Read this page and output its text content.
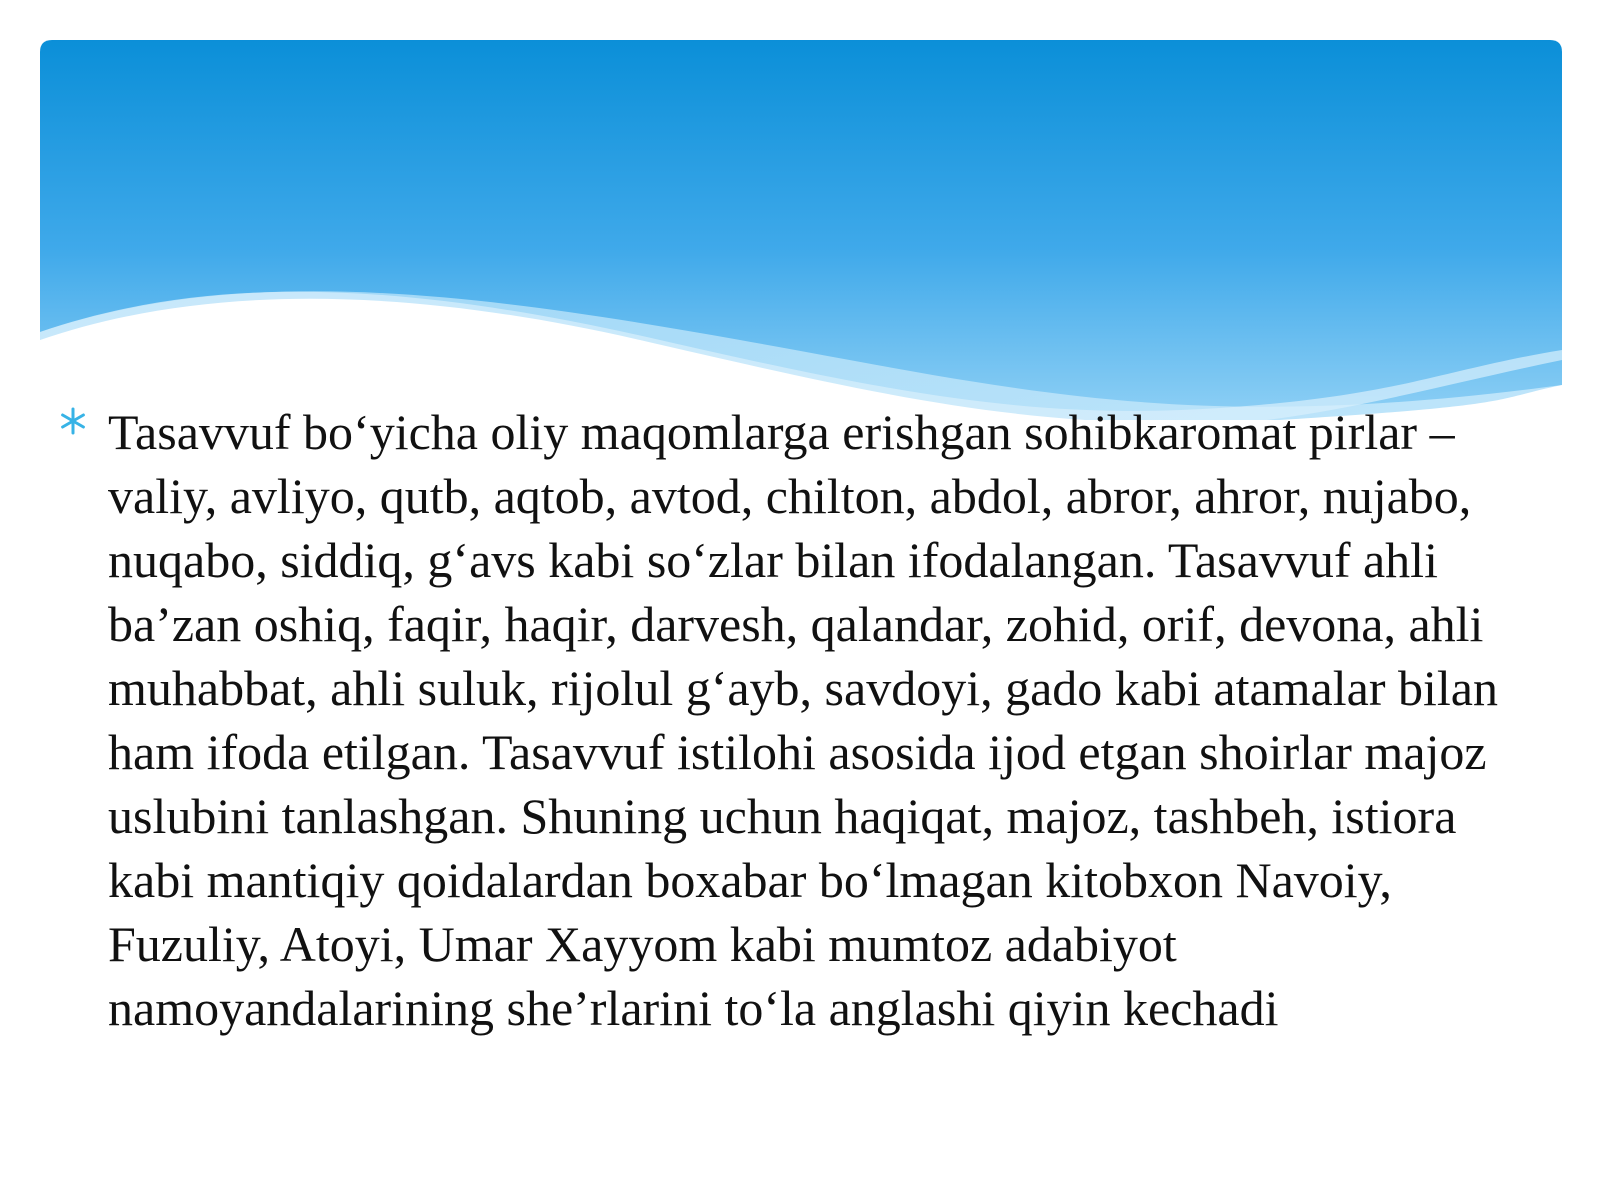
Tasavvuf bo‘yicha oliy maqomlarga erishgan sohibkaromat pirlar – valiy, avliyo, qutb, aqtob, avtod, chilton, abdol, abror, ahror, nujabo, nuqabo, siddiq, g‘avs kabi so‘zlar bilan ifodalangan. Tasavvuf ahli ba’zan oshiq, faqir, haqir, darvesh, qalandar, zohid, orif, devona, ahli muhabbat, ahli suluk, rijolul g‘ayb, savdoyi, gado kabi atamalar bilan ham ifoda etilgan. Tasavvuf istilohi asosida ijod etgan shoirlar majoz uslubini tanlashgan. Shuning uchun haqiqat, majoz, tashbeh, istiora kabi mantiqiy qoidalardan boxabar bo‘lmagan kitobxon Navoiy, Fuzuliy, Atoyi, Umar Xayyom kabi mumtoz adabiyot namoyandalarining she’rlarini to‘la anglashi qiyin kechadi
